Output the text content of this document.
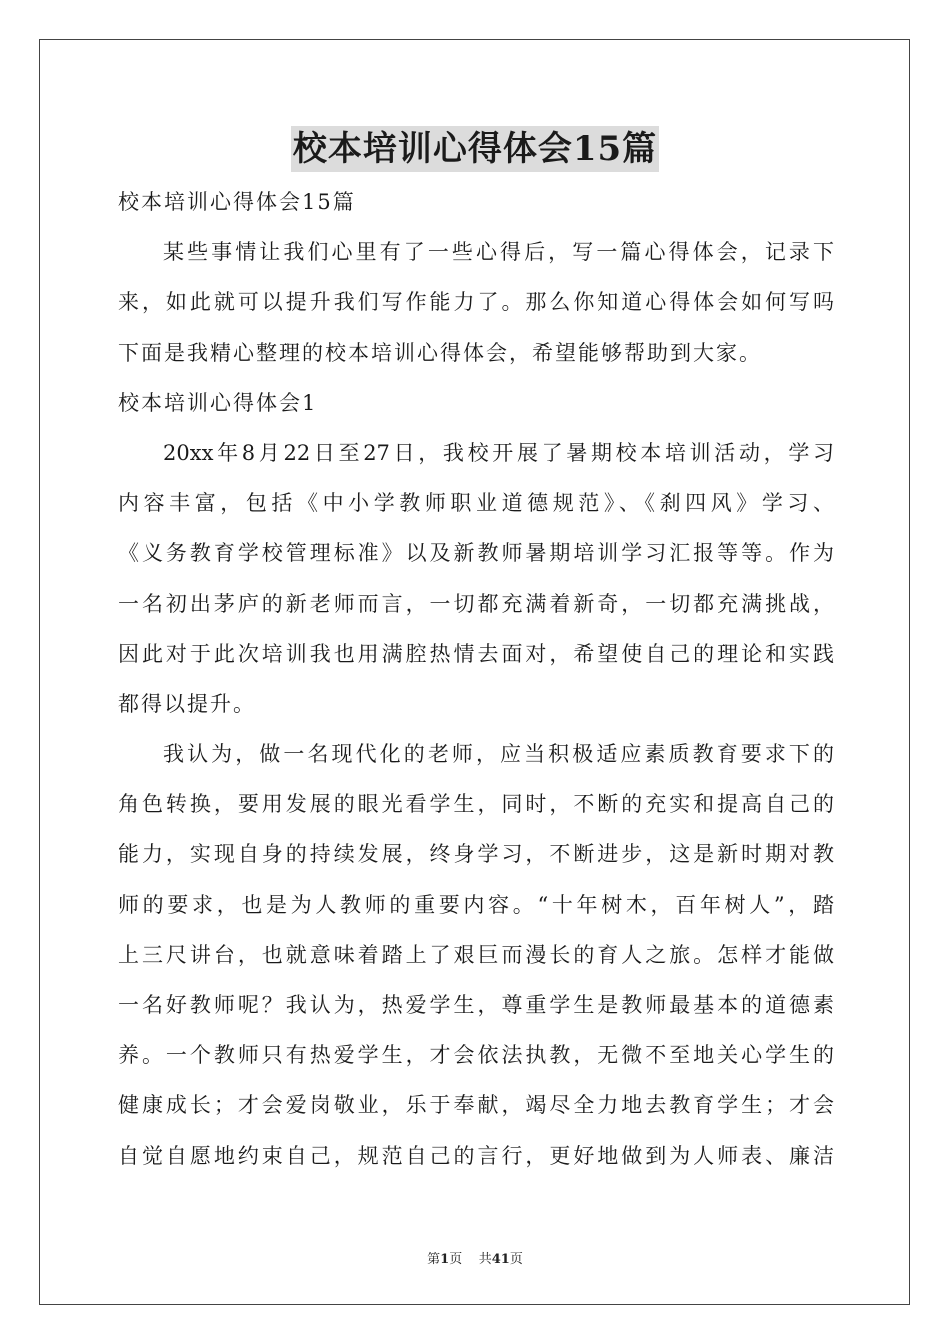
校本培训心得体会15篇
校本培训心得体会15篇
某些事情让我们心里有了一些心得后，写一篇心得体会，记录下
来，如此就可以提升我们写作能力了。那么你知道心得体会如何写吗
下面是我精心整理的校本培训心得体会，希望能够帮助到大家。
校本培训心得体会1
20xx年8月22日至27日，我校开展了暑期校本培训活动，学习
内容丰富，包括《中小学教师职业道德规范》、《刹四风》学习、
《义务教育学校管理标准》以及新教师暑期培训学习汇报等等。作为
一名初出茅庐的新老师而言，一切都充满着新奇，一切都充满挑战，
因此对于此次培训我也用满腔热情去面对，希望使自己的理论和实践
都得以提升。
我认为，做一名现代化的老师，应当积极适应素质教育要求下的
角色转换，要用发展的眼光看学生，同时，不断的充实和提高自己的
能力，实现自身的持续发展，终身学习，不断进步，这是新时期对教
师的要求，也是为人教师的重要内容。“十年树木，百年树人”，踏
上三尺讲台，也就意味着踏上了艰巨而漫长的育人之旅。怎样才能做
一名好教师呢？我认为，热爱学生，尊重学生是教师最基本的道德素
养。一个教师只有热爱学生，才会依法执教，无微不至地关心学生的
健康成长；才会爱岗敬业，乐于奉献，竭尽全力地去教育学生；才会
自觉自愿地约束自己，规范自己的言行，更好地做到为人师表、廉洁
第1页 共41页
